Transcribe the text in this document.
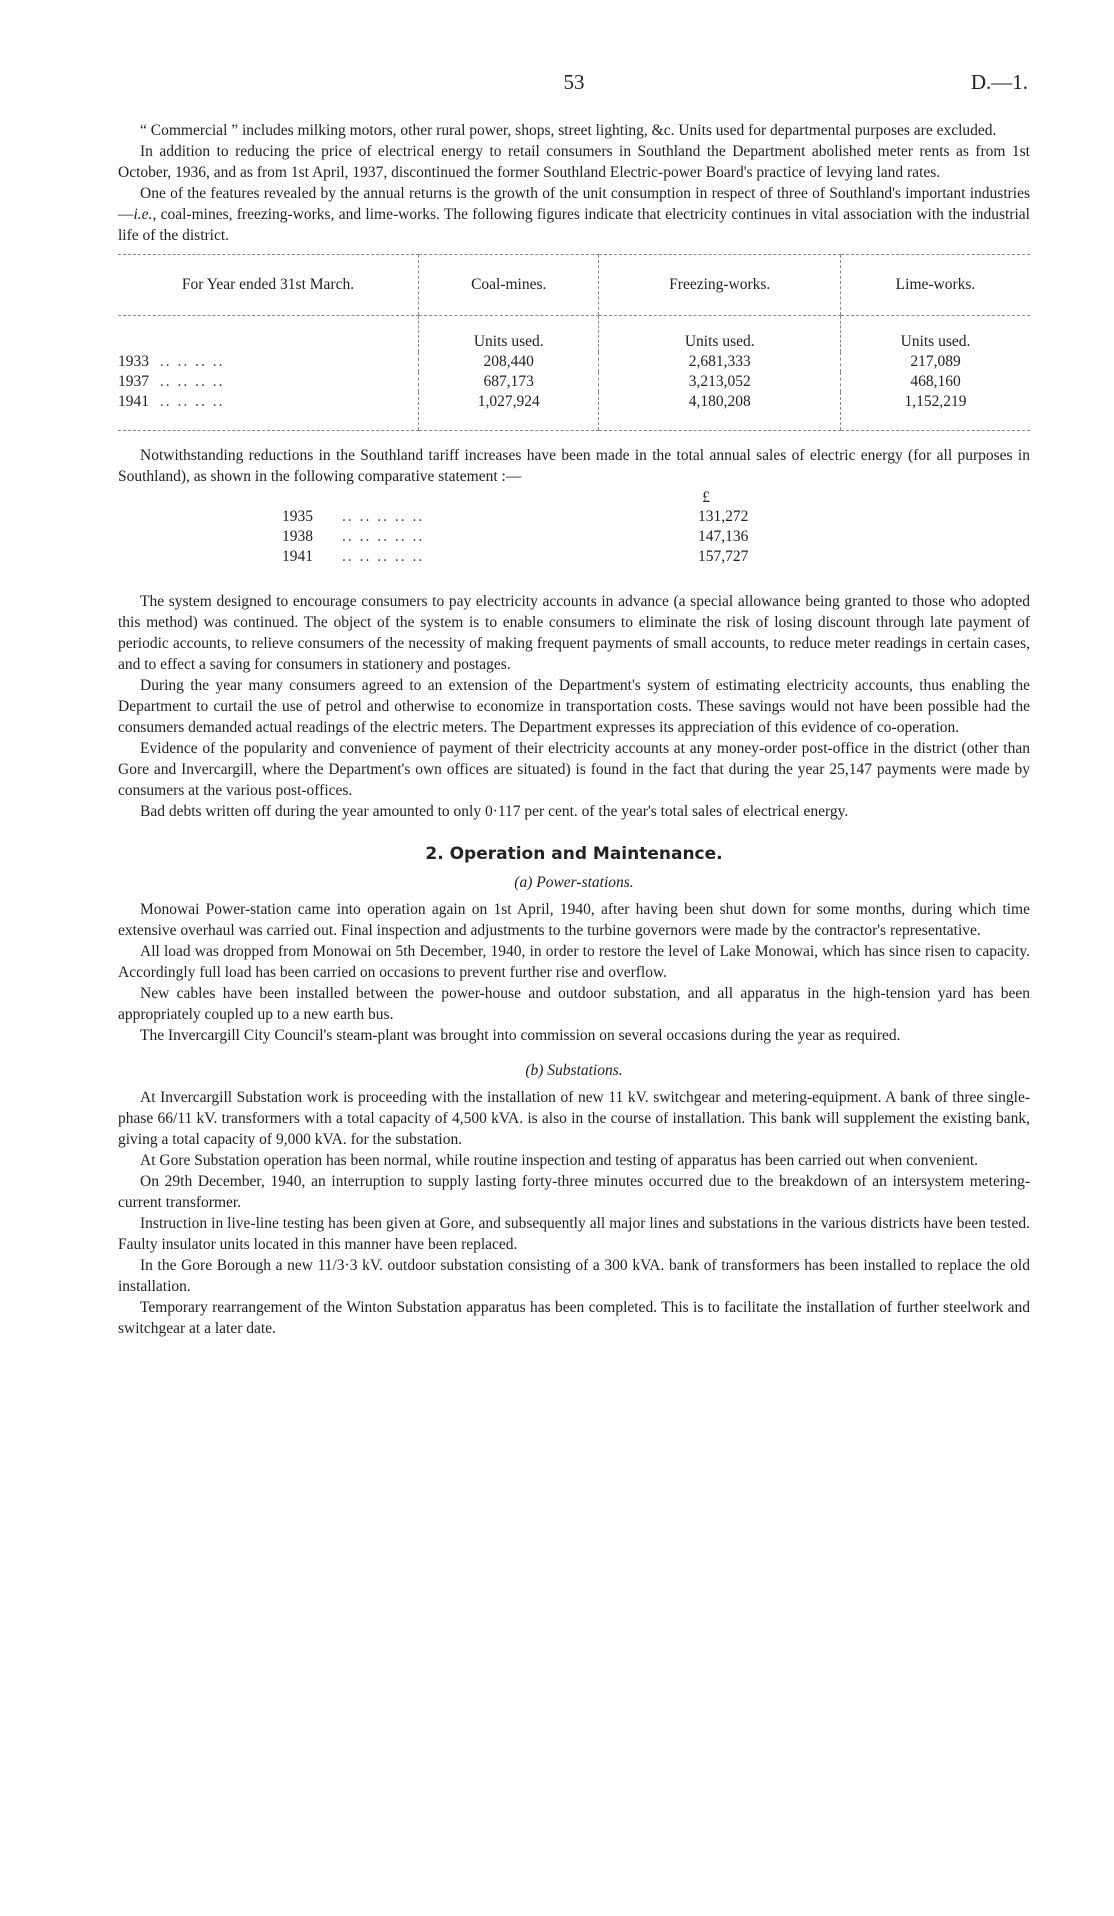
53	D.—1.

“ Commercial ” includes milking motors, other rural power, shops, street lighting, &c. Units used for departmental purposes are excluded.

In addition to reducing the price of electrical energy to retail consumers in Southland the Department abolished meter rents as from 1st October, 1936, and as from 1st April, 1937, discontinued the former Southland Electric-power Board's practice of levying land rates.

One of the features revealed by the annual returns is the growth of the unit consumption in respect of three of Southland's important industries—i.e., coal-mines, freezing-works, and lime-works. The following figures indicate that electricity continues in vital association with the industrial life of the district.

For Year ended 31st March.	Coal-mines.	Freezing-works.	Lime-works.
	Units used.	Units used.	Units used.
1933 .. .. .. ..	208,440	2,681,333	217,089
1937 .. .. .. ..	687,173	3,213,052	468,160
1941 .. .. .. ..	1,027,924	4,180,208	1,152,219

Notwithstanding reductions in the Southland tariff increases have been made in the total annual sales of electric energy (for all purposes in Southland), as shown in the following comparative statement :—

£
1935	.. .. .. .. ..	131,272
1938	.. .. .. .. ..	147,136
1941	.. .. .. .. ..	157,727

The system designed to encourage consumers to pay electricity accounts in advance (a special allowance being granted to those who adopted this method) was continued. The object of the system is to enable consumers to eliminate the risk of losing discount through late payment of periodic accounts, to relieve consumers of the necessity of making frequent payments of small accounts, to reduce meter readings in certain cases, and to effect a saving for consumers in stationery and postages.

During the year many consumers agreed to an extension of the Department's system of estimating electricity accounts, thus enabling the Department to curtail the use of petrol and otherwise to economize in transportation costs. These savings would not have been possible had the consumers demanded actual readings of the electric meters. The Department expresses its appreciation of this evidence of co-operation.

Evidence of the popularity and convenience of payment of their electricity accounts at any money-order post-office in the district (other than Gore and Invercargill, where the Department's own offices are situated) is found in the fact that during the year 25,147 payments were made by consumers at the various post-offices.

Bad debts written off during the year amounted to only 0·117 per cent. of the year's total sales of electrical energy.

2. Operation and Maintenance.
(a) Power-stations.

Monowai Power-station came into operation again on 1st April, 1940, after having been shut down for some months, during which time extensive overhaul was carried out. Final inspection and adjustments to the turbine governors were made by the contractor's representative.

All load was dropped from Monowai on 5th December, 1940, in order to restore the level of Lake Monowai, which has since risen to capacity. Accordingly full load has been carried on occasions to prevent further rise and overflow.

New cables have been installed between the power-house and outdoor substation, and all apparatus in the high-tension yard has been appropriately coupled up to a new earth bus.

The Invercargill City Council's steam-plant was brought into commission on several occasions during the year as required.

(b) Substations.

At Invercargill Substation work is proceeding with the installation of new 11 kV. switchgear and metering-equipment. A bank of three single-phase 66/11 kV. transformers with a total capacity of 4,500 kVA. is also in the course of installation. This bank will supplement the existing bank, giving a total capacity of 9,000 kVA. for the substation.

At Gore Substation operation has been normal, while routine inspection and testing of apparatus has been carried out when convenient.

On 29th December, 1940, an interruption to supply lasting forty-three minutes occurred due to the breakdown of an intersystem metering-current transformer.

Instruction in live-line testing has been given at Gore, and subsequently all major lines and substations in the various districts have been tested. Faulty insulator units located in this manner have been replaced.

In the Gore Borough a new 11/3·3 kV. outdoor substation consisting of a 300 kVA. bank of transformers has been installed to replace the old installation.

Temporary rearrangement of the Winton Substation apparatus has been completed. This is to facilitate the installation of further steelwork and switchgear at a later date.
